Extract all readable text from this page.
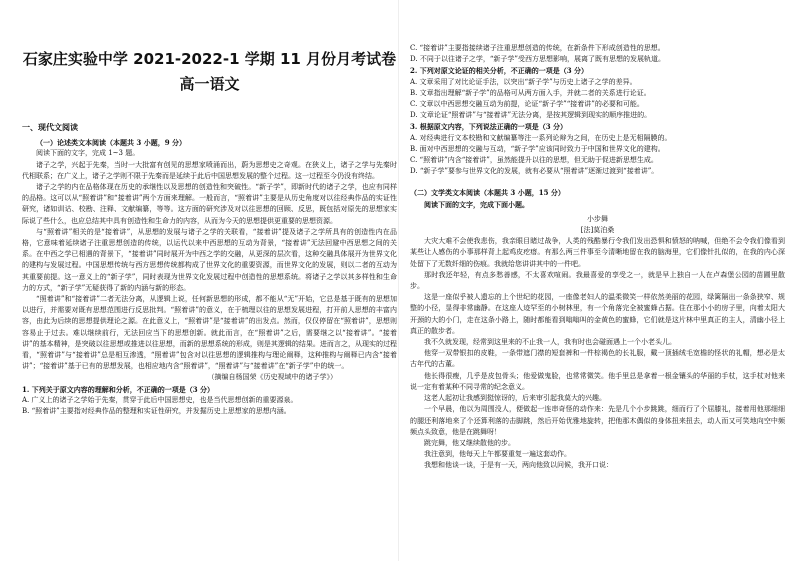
石家庄实验中学 2021-2022-1 学期 11 月份月考试卷

高一语文

一、现代文阅读

（一）论述类文本阅读（本题共 3 小题，9 分）

阅读下面的文字，完成 1~3 题。

诸子之学，兴起于先秦，当时一大批富有创见的思想家喷涌而出，蔚为思想史之奇观。在狭义上，诸子之学与先秦时代相联系；在广义上，诸子之学则不限于先秦而是延续于此后中国思想发展的整个过程。这一过程至今仍没有终结。

诸子之学的内在品格体现在历史的承继性以及思想的创造性和突破性。“新子学”，即新时代的诸子之学，也应有同样的品格。这可以从“照着讲”和“接着讲”两个方面来理解。一般而言，“照着讲”主要是从历史角度对以往经典作品的实证性研究，诸如训诂、校勘、注释、文献编纂，等等。这方面的研究涉及对以往思想的回顾、反思，既包括对原先的思想家实际说了些什么，也应总结其中具有创造性和生命力的内容，从而为今天的思想提供更重要的思想资源。

与“照着讲”相关的是“接着讲”，从思想的发展与诸子之学的关联看，“接着讲”提及诸子之学所具有的创造性内在品格，它意味着延续诸子注重思想创造的传统，以运代以来中西思想的互动为背景，“接着讲”无法回避中西思想之间的关系。在中西之学已相遇的背景下，“接着讲”同时展开为中西之学的交融，从更深的层次看，这种交融具体展开为世界文化的建构与发展过程。中国思想传统与西方思想传统都构成了世界文化的重要资源，而世界文化的发展，则以二者的互动为其重要前提。这一意义上的“新子学”，同时表现为世界文化发展过程中创造性的思想系统。将诸子之学以其多样性和生命力的方式，“新子学”无疑获得了新的内涵与新的形态。

“照着讲”和“接着讲”二者无法分离，从逻辑上说，任何新思想的形成，都不能从“无”开始，它总是基于既有的思想加以进行，并需要对既有思想范围进行反思批判。“照着讲”的意义，在于梳理以往的思想发展进程，打开前人思想的丰富内容，由此为后续的思想提供理论之源。在此意义上，“照着讲”是“接着讲”的出发点。然而，仅仅停留在“照着讲”，思想则容易止于过去。难以继续前行，无法回应当下的思想创新。就此而言，在“照着讲”之后，需要继之以“接着讲”。“接着讲”的基本精神，是突破以往思想或推进以往思想，而新的思想系统的形成，则是其逻辑的结果。进而言之，从现实的过程看，“照着讲”与“接着讲”总是相互渗透，“照着讲”包含对以往思想的逻辑推构与理论阐释，这种推构与阐释已内含“接着讲”；“接着讲”基于已有的思想发展，也相应地内含“照着讲”，“照着讲”与“接着讲”在“新子学”中的统一。

（摘编自杨国荣《历史视域中的诸子学》）

1. 下列关于原文内容的理解和分析，不正确的一项是（3 分）

A. 广义上的诸子之学始于先秦，贯穿于此后中国思想史，也是当代思想创新的重要源泉。

B. “照着讲”主要指对经典作品的整理和实证性研究，并发掘历史上思想家的思想内涵。

C. “接着讲”主要指接续诸子注重思想创造的传统，在新条件下形成创造性的思想。

D. 不同于以往诸子之学，“新子学”受西方思想影响，展离了既有思想的发展轨道。

2. 下列对原文论证的相关分析，不正确的一项是（3 分）

A. 文章采用了对比论证手法，以突出“新子学”与历史上诸子之学的差异。

B. 文章指出理解“新子学”的品格可从两方面入手，并就二者的关系进行论证。

C. 文章以中西思想交融互动为前提，论证“新子学”“接着讲”的必要和可能。

D. 文章论证“照着讲”与“接着讲”无法分离，是按其逻辑到现实的顺序推进的。

3. 根据原文内容，下列说法正确的一项是（3 分）

A. 对经典进行文本校勘和文献编纂等注一系列论辩为之间，在历史上是无相隔膜的。

B. 面对中西思想的交融与互动，“新子学”应该同时致力于中国和世界文化的建构。

C. “照着讲”内含“接着讲”，虽然能提升以往的思想，但无助于促进新思想生成。

D. “新子学”要参与世界文化的发展，就有必要从“照着讲”逐渐过渡到“接着讲”。

（二）文学类文本阅读（本题共 3 小题，15 分）

阅读下面的文字，完成下面小题。

小步舞

[法]莫泊桑

大灾大难不会使我悲伤，我亲眼目睹过战争，人类的残酷暴行令我们发出恐惧和愤怒的呐喊，但绝不会令我们像看到某些让人感伤的小事那样背上起鸡皮疙瘩。有那么两三件事至今清晰地留在我的脑海里，它们像针扎似的，在我的内心深处留下了无数纤细的伤痕。我就给您讲讲其中的一件吧。

那时我还年轻，有点多愁善感，不太喜欢喧闹。我最喜爱的享受之一，就是早上独自一人在卢森堡公园的苗圃里散步。

这是一座似乎被人遗忘的上个世纪的花园，一座像老妇人的温柔微笑一样依然美丽的花园，绿篱隔出一条条狭窄、规整的小径，显得非常幽静。在这座人迹罕至的小树林里，有一个角落完全被蜜蜂占据。住在那小小的房子里，向着太阳大开颈的大的小门，走在这条小路上，随时都能看到嗡嗡叫的金黄色的蜜蜂，它们就是这片林中里真正的主人，清幽小径上真正的散步者。

我不久就发现，经常到这里来的不止我一人，我有时也会碰面遇上一个小老头儿。

他穿一双带银扣的皮鞋，一条带遮门襟的短套裤和一件棕褐色的长礼服，戴一顶插绒毛宽檐的怪状的礼帽，想必是太古年代的古董。

他长得很瘦，几乎是皮包骨头；他爱做鬼脸，也常常微笑。他手里总是拿着一根金镶头的华丽的手杖，这手杖对他来说一定有着某种不同寻常的纪念意义。

这老人起初让我感到挺惊讶的，后来审引起我莫大的兴趣。

一个早晨，他以为周围没人，便做起一连串奇怪的动作来：先是几个小步跳跳，细而行了个屈膝礼，接着用他那细细的腿还利落地来了个还算利落的击脚跳，然后开始优雅地旋转，把他那木偶似的身体扭来扭去，动人而又可笑地向空中频频点头致意，他是在跳舞呀！

跳完舞，他又继续散他的步。

我注意到，他每天上午都要重复一遍这套动作。

我想和他谈一谈，于是有一天，两向他致以问候，我开口说：
